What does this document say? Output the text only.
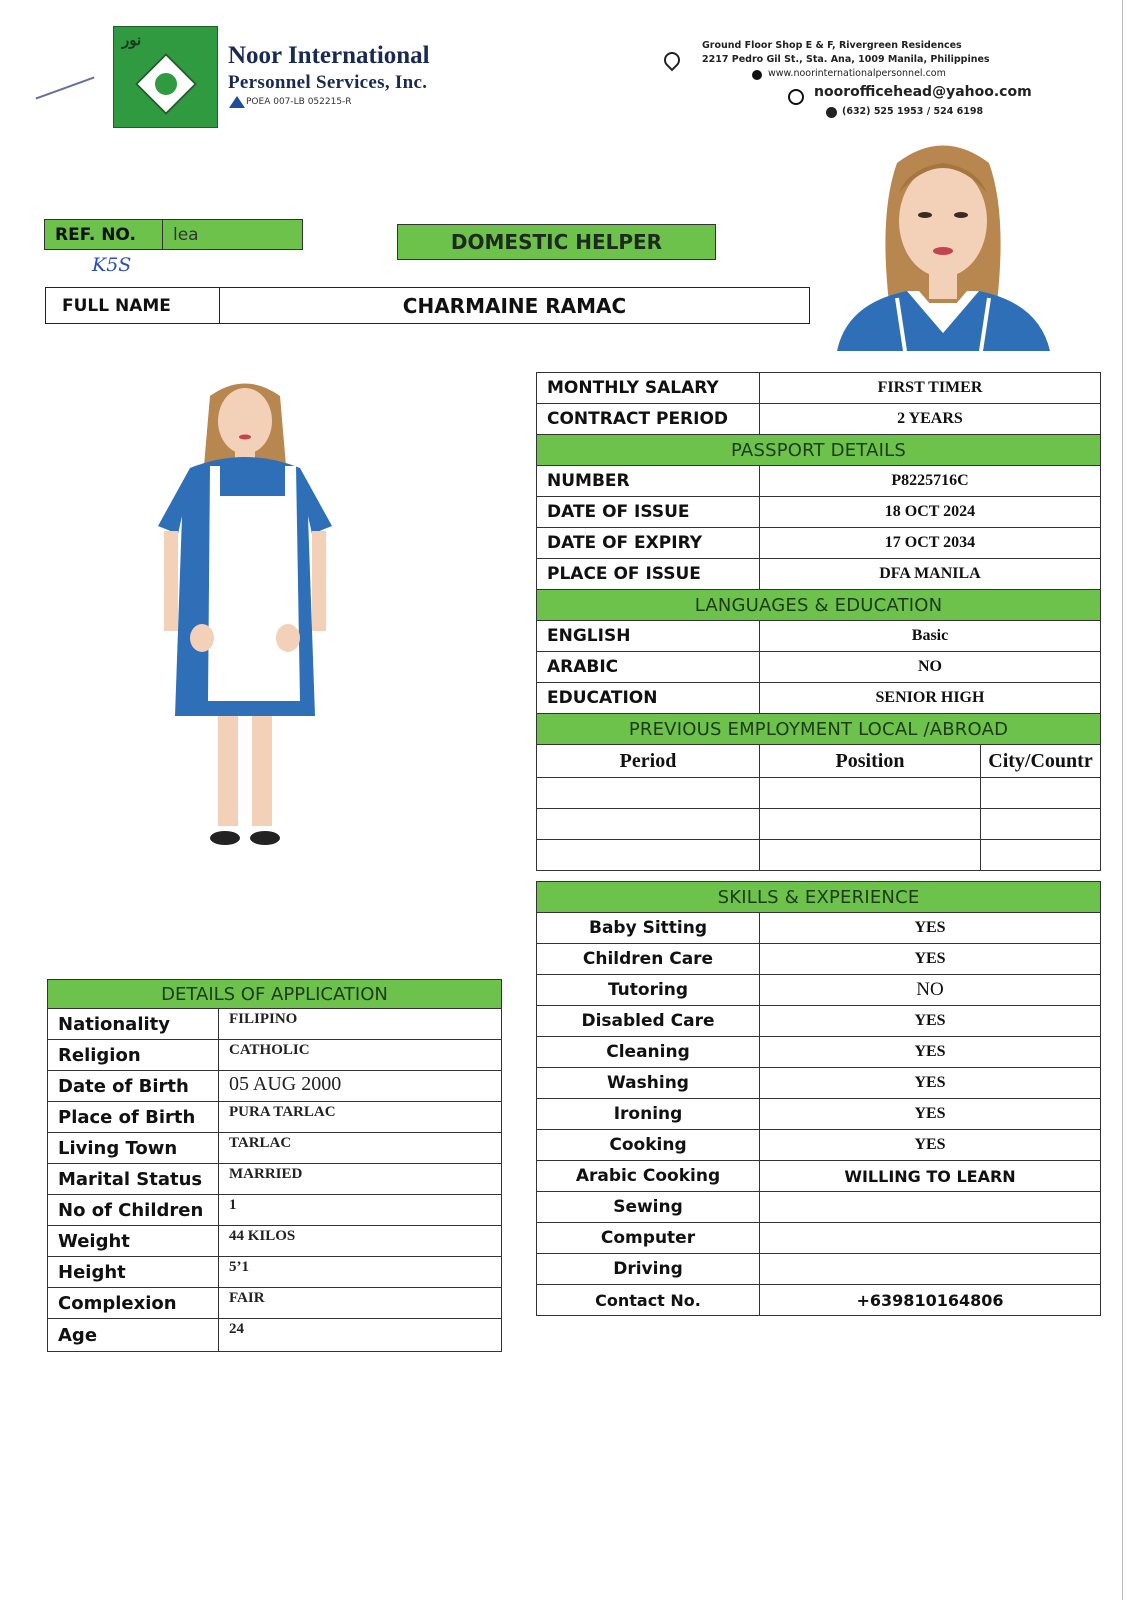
نور
Noor International
Personnel Services, Inc.
POEA 007-LB 052215-R
Ground Floor Shop E & F, Rivergreen Residences
2217 Pedro Gil St., Sta. Ana, 1009 Manila, Philippines
www.noorinternationalpersonnel.com
noorofficehead@yahoo.com
(632) 525 1953 / 524 6198
REF. NO.	lea
K5S
DOMESTIC HELPER
FULL NAME	CHARMAINE RAMAC
MONTHLY SALARY	FIRST TIMER	
CONTRACT PERIOD	2 YEARS	
PASSPORT DETAILS		
NUMBER	P8225716C	
DATE OF ISSUE	18 OCT 2024	
DATE OF EXPIRY	17 OCT 2034	
PLACE OF ISSUE	DFA MANILA	
LANGUAGES & EDUCATION		
ENGLISH	Basic	
ARABIC	NO	
EDUCATION	SENIOR HIGH	
PREVIOUS EMPLOYMENT LOCAL /ABROAD		
Period	Position	City/Countr

SKILLS & EXPERIENCE		
Baby Sitting	YES	
Children Care	YES	
Tutoring	NO	
Disabled Care	YES	
Cleaning	YES	
Washing	YES	
Ironing	YES	
Cooking	YES	
Arabic Cooking	WILLING TO LEARN	
Sewing		
Computer		
Driving		
Contact No.	+639810164806	
DETAILS OF APPLICATION	
Nationality	FILIPINO
Religion	CATHOLIC
Date of Birth	05 AUG 2000
Place of Birth	PURA TARLAC
Living Town	TARLAC
Marital Status	MARRIED
No of Children	1
Weight	44 KILOS
Height	5’1
Complexion	FAIR
Age	24
